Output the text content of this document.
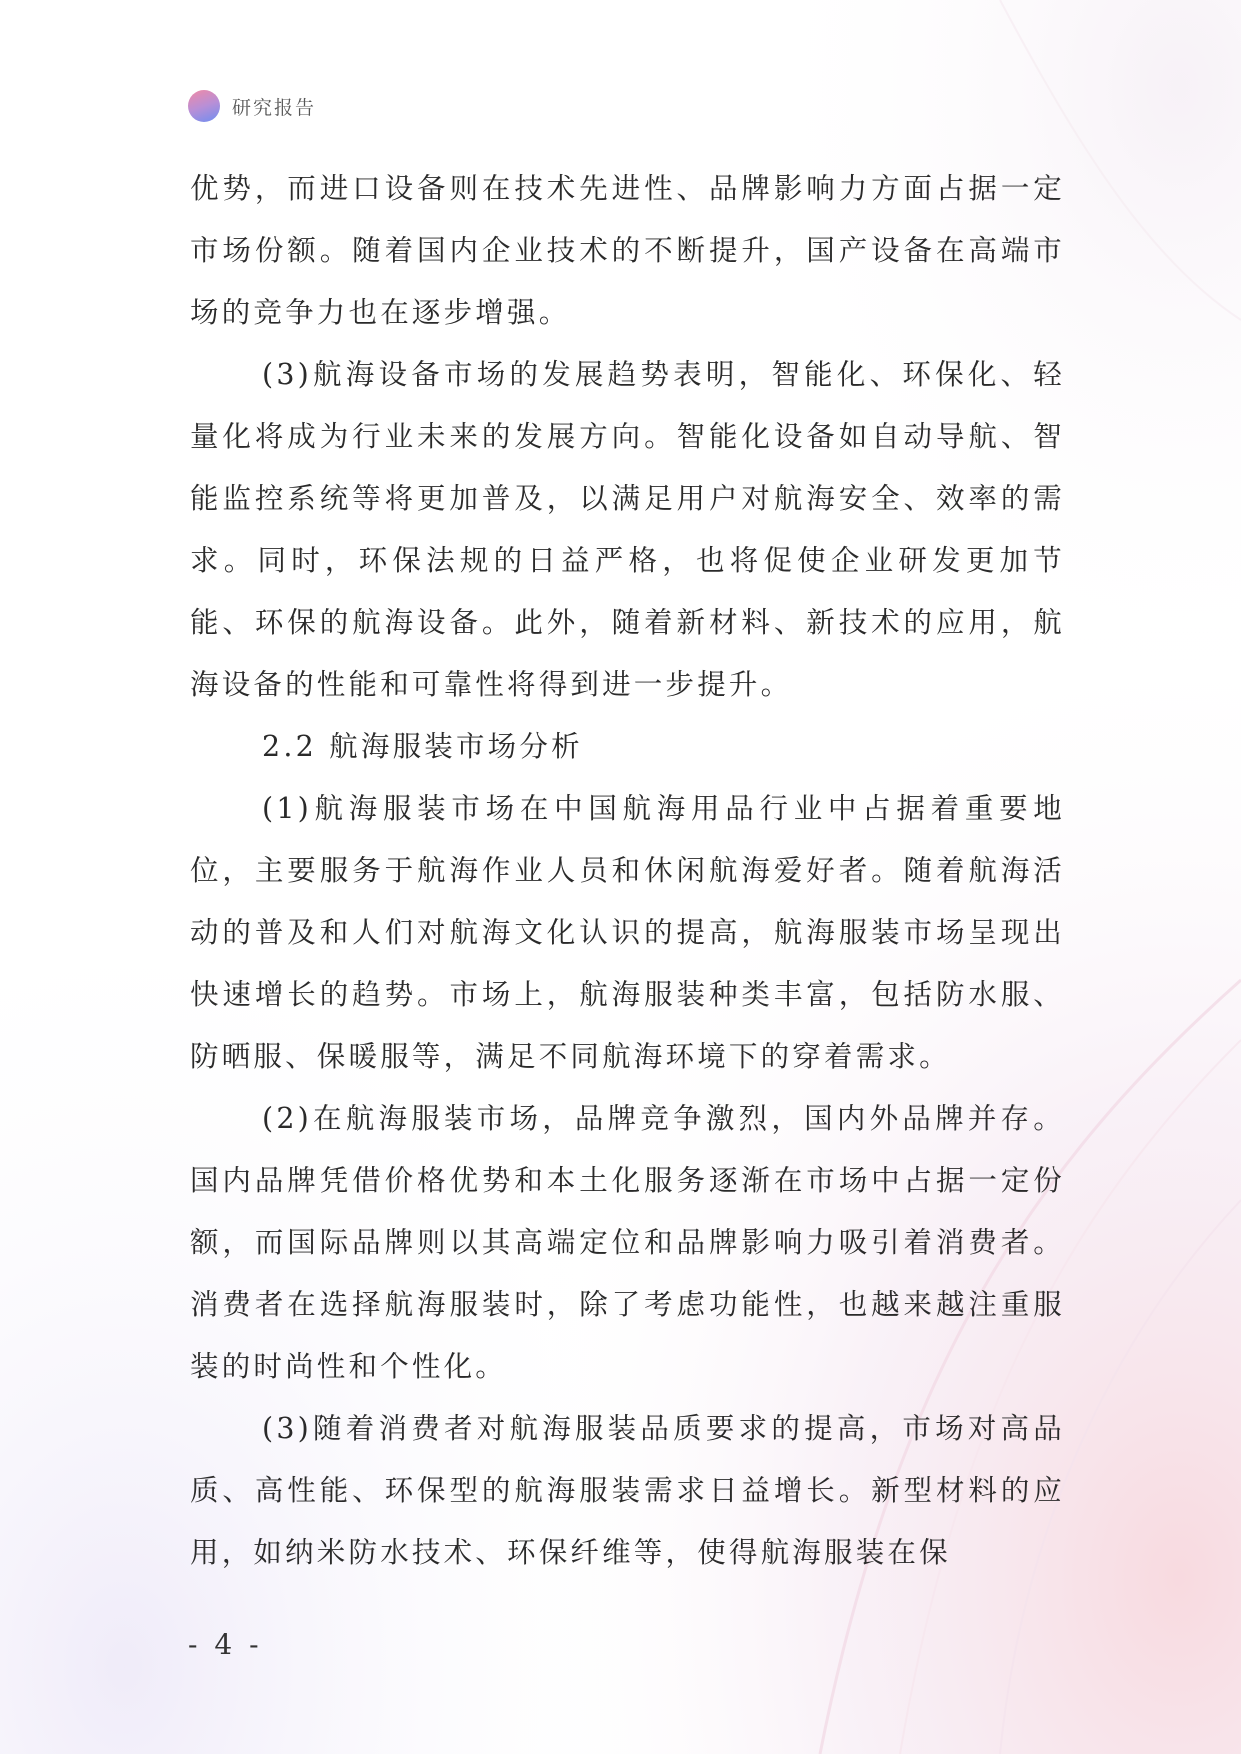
研究报告

优势，而进口设备则在技术先进性、品牌影响力方面占据一定市场份额。随着国内企业技术的不断提升，国产设备在高端市场的竞争力也在逐步增强。

(3)航海设备市场的发展趋势表明，智能化、环保化、轻量化将成为行业未来的发展方向。智能化设备如自动导航、智能监控系统等将更加普及，以满足用户对航海安全、效率的需求。同时，环保法规的日益严格，也将促使企业研发更加节能、环保的航海设备。此外，随着新材料、新技术的应用，航海设备的性能和可靠性将得到进一步提升。

2.2 航海服装市场分析

(1)航海服装市场在中国航海用品行业中占据着重要地位，主要服务于航海作业人员和休闲航海爱好者。随着航海活动的普及和人们对航海文化认识的提高，航海服装市场呈现出快速增长的趋势。市场上，航海服装种类丰富，包括防水服、防晒服、保暖服等，满足不同航海环境下的穿着需求。

(2)在航海服装市场，品牌竞争激烈，国内外品牌并存。国内品牌凭借价格优势和本土化服务逐渐在市场中占据一定份额，而国际品牌则以其高端定位和品牌影响力吸引着消费者。消费者在选择航海服装时，除了考虑功能性，也越来越注重服装的时尚性和个性化。

(3)随着消费者对航海服装品质要求的提高，市场对高品质、高性能、环保型的航海服装需求日益增长。新型材料的应用，如纳米防水技术、环保纤维等，使得航海服装在保

- 4 -
